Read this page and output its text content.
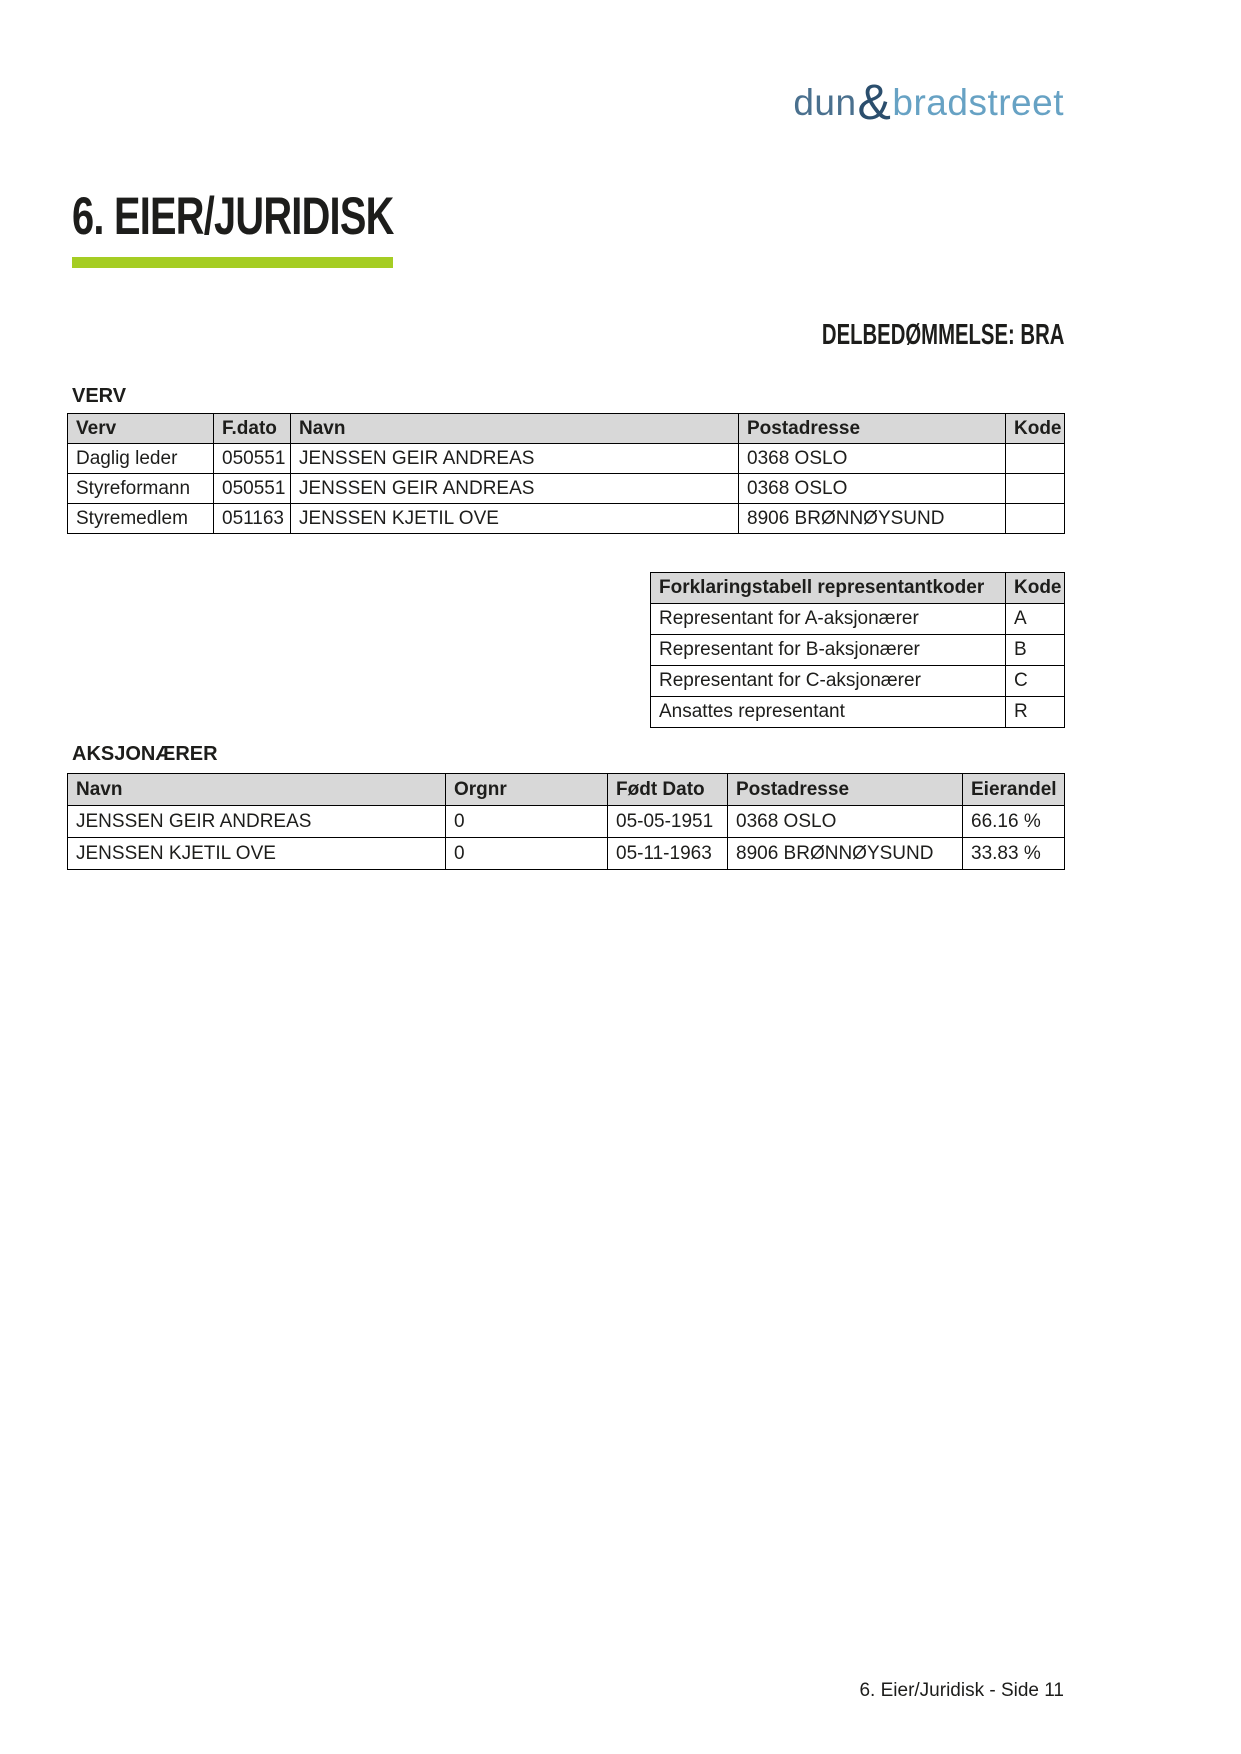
dun&bradstreet
6. EIER/JURIDISK
DELBEDØMMELSE: BRA
VERV
Verv	F.dato	Navn	Postadresse	Kode
Daglig leder	050551	JENSSEN GEIR ANDREAS	0368 OSLO	
Styreformann	050551	JENSSEN GEIR ANDREAS	0368 OSLO	
Styremedlem	051163	JENSSEN KJETIL OVE	8906 BRØNNØYSUND	
Forklaringstabell representantkoder	Kode
Representant for A-aksjonærer	A
Representant for B-aksjonærer	B
Representant for C-aksjonærer	C
Ansattes representant	R
AKSJONÆRER
Navn	Orgnr	Født Dato	Postadresse	Eierandel
JENSSEN GEIR ANDREAS	0	05-05-1951	0368 OSLO	66.16 %
JENSSEN KJETIL OVE	0	05-11-1963	8906 BRØNNØYSUND	33.83 %
6. Eier/Juridisk - Side 11
